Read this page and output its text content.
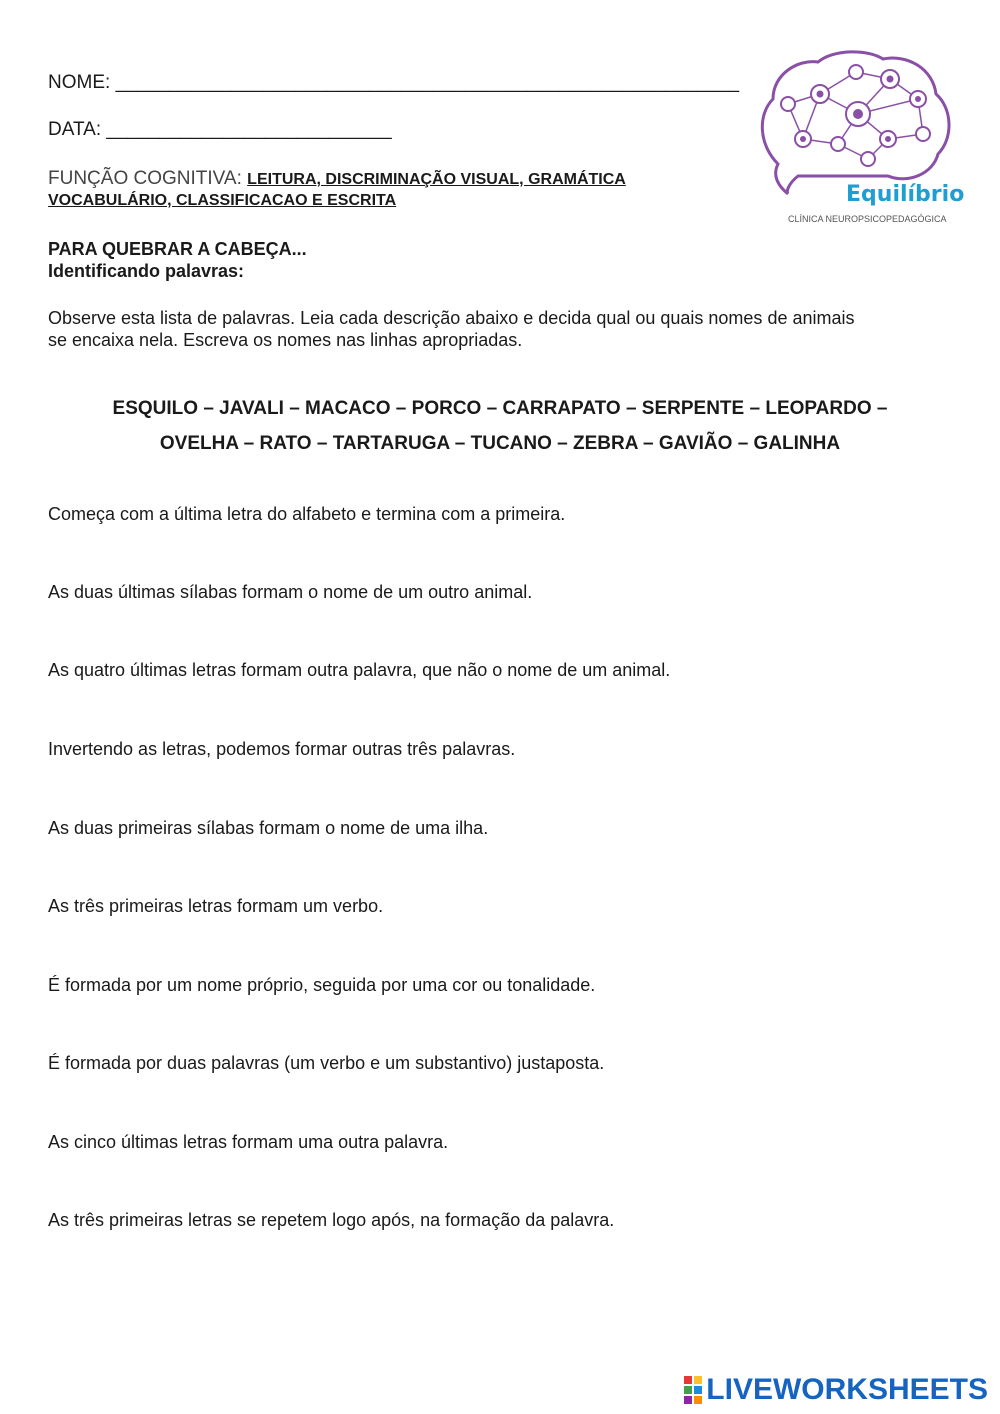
NOME: ___________________________________________________________
DATA: ___________________________
FUNÇÃO COGNITIVA: LEITURA, DISCRIMINAÇÃO VISUAL, GRAMÁTICA
VOCABULÁRIO, CLASSIFICACAO E ESCRITA	Equilíbrio
CLÍNICA NEUROPSICOPEDAGÓGICA
PARA QUEBRAR A CABEÇA...
Identificando palavras:
Observe esta lista de palavras. Leia cada descrição abaixo e decida qual ou quais nomes de animais
se encaixa nela. Escreva os nomes nas linhas apropriadas.
ESQUILO – JAVALI – MACACO – PORCO – CARRAPATO – SERPENTE – LEOPARDO –
OVELHA – RATO – TARTARUGA – TUCANO – ZEBRA – GAVIÃO – GALINHA
Começa com a última letra do alfabeto e termina com a primeira.
As duas últimas sílabas formam o nome de um outro animal.
As quatro últimas letras formam outra palavra, que não o nome de um animal.
Invertendo as letras, podemos formar outras três palavras.
As duas primeiras sílabas formam o nome de uma ilha.
As três primeiras letras formam um verbo.
É formada por um nome próprio, seguida por uma cor ou tonalidade.
É formada por duas palavras (um verbo e um substantivo) justaposta.
As cinco últimas letras formam uma outra palavra.
As três primeiras letras se repetem logo após, na formação da palavra.
LIVEWORKSHEETS
